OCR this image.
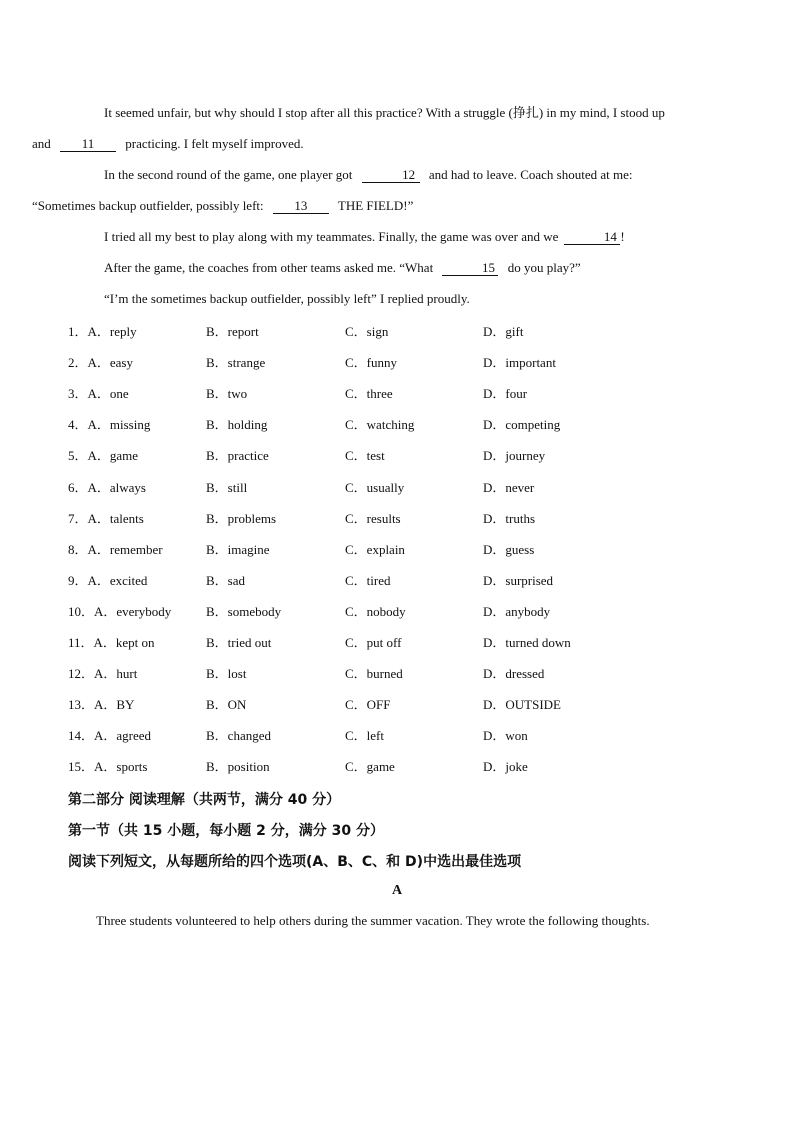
It seemed unfair, but why should I stop after all this practice? With a struggle (挣扎) in my mind, I stood up
and 11 practicing. I felt myself improved.

In the second round of the game, one player got	12 and had to leave. Coach shouted at me:
“Sometimes backup outfielder, possibly left: 13 THE FIELD!”

I tried all my best to play along with my teammates. Finally, the game was over and we	14 !

After the game, the coaches from other teams asked me. “What	15 do you play?”

“I’m the sometimes backup outfielder, possibly left” I replied proudly.

1．A．reply	B．report	C．sign	D．gift
2．A．easy	B．strange	C．funny	D．important
3．A．one	B．two	C．three	D．four
4．A．missing	B．holding	C．watching	D．competing
5．A．game	B．practice	C．test	D．journey
6．A．always	B．still	C．usually	D．never
7．A．talents	B．problems	C．results	D．truths
8．A．remember	B．imagine	C．explain	D．guess
9．A．excited	B．sad	C．tired	D．surprised
10．A．everybody	B．somebody	C．nobody	D．anybody
11．A．kept on	B．tried out	C．put off	D．turned down
12．A．hurt	B．lost	C．burned	D．dressed
13．A．BY	B．ON	C．OFF	D．OUTSIDE
14．A．agreed	B．changed	C．left	D．won
15．A．sports	B．position	C．game	D．joke
第二部分 阅读理解（共两节，满分 40 分）
第一节（共 15 小题，每小题 2 分，满分 30 分）
阅读下列短文，从每题所给的四个选项(A、B、C、和 D)中选出最佳选项
A
Three students volunteered to help others during the summer vacation. They wrote the following thoughts.
